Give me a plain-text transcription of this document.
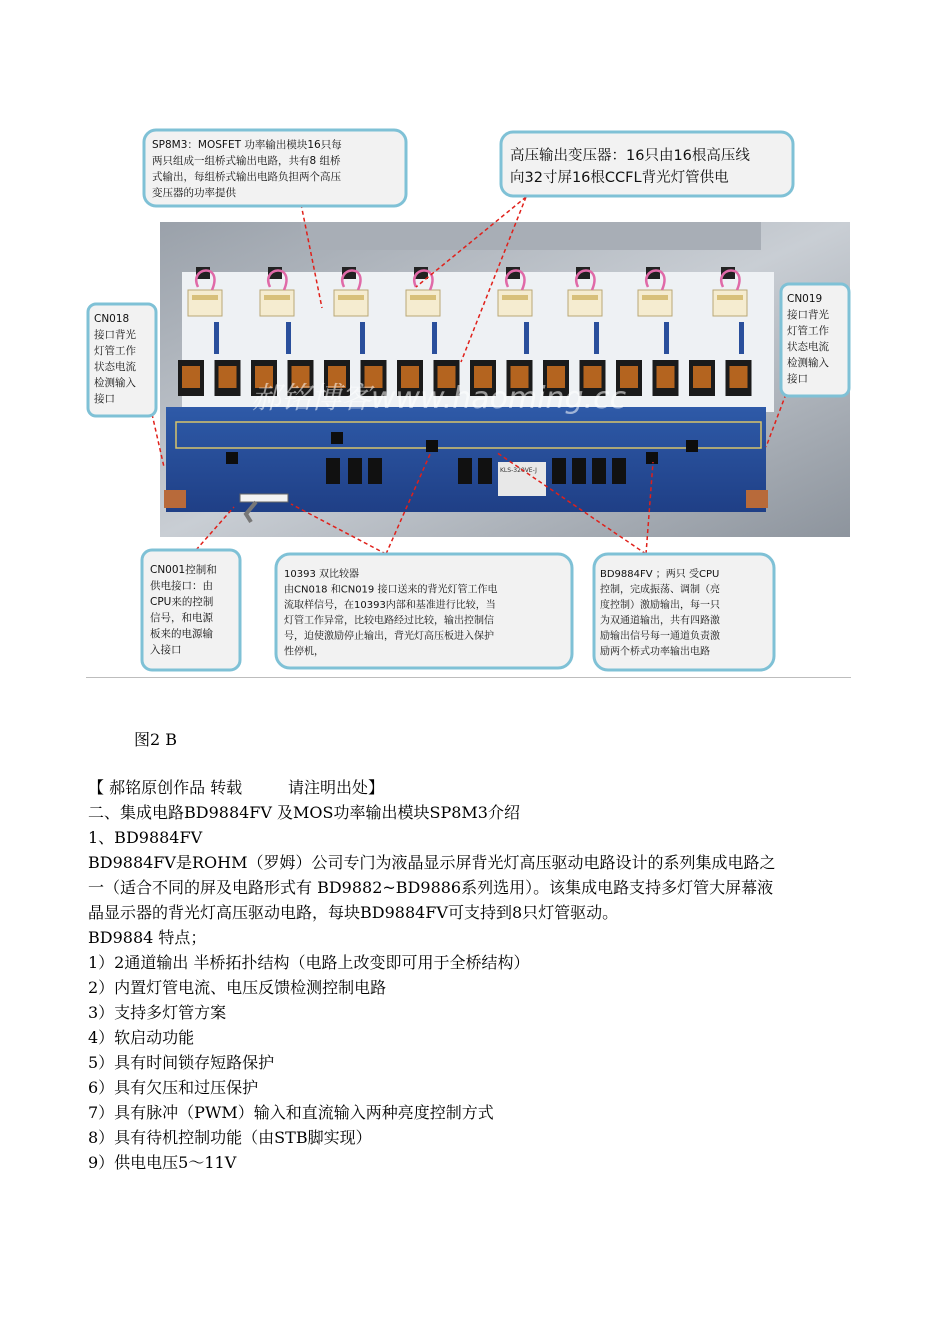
KLS-320VE-J
郝铭博客www.haoming.cc
SP8M3：MOSFET 功率输出模块16只每
两只组成一组桥式输出电路，共有8 组桥
式输出，每组桥式输出电路负担两个高压
变压器的功率提供
高压输出变压器：16只由16根高压线
向32寸屏16根CCFL背光灯管供电
CN018
接口背光
灯管工作
状态电流
检测输入
接口
CN019
接口背光
灯管工作
状态电流
检测输入
接口
CN001控制和
供电接口：由
CPU来的控制
信号，和电源
板来的电源输
入接口
10393 双比较器
由CN018 和CN019 接口送来的背光灯管工作电
流取样信号，在10393内部和基准进行比较，当
灯管工作异常，比较电路经过比较，输出控制信
号，迫使激励停止输出，背光灯高压板进入保护
性停机，
BD9884FV ；两只 受CPU
控制，完成振荡、调制（亮
度控制）激励输出，每一只
为双通道输出，共有四路激
励输出信号每一通道负责激
励两个桥式功率输出电路
图2 B
【 郝铭原创作品 转载         请注明出处】
二、集成电路BD9884FV 及MOS功率输出模块SP8M3介绍
1、BD9884FV
BD9884FV是ROHM（罗姆）公司专门为液晶显示屏背光灯高压驱动电路设计的系列集成电路之一（适合不同的屏及电路形式有 BD9882~BD9886系列选用）。该集成电路支持多灯管大屏幕液晶显示器的背光灯高压驱动电路，每块BD9884FV可支持到8只灯管驱动。
BD9884 特点；
1）2通道输出 半桥拓扑结构（电路上改变即可用于全桥结构）
2）内置灯管电流、电压反馈检测控制电路
3）支持多灯管方案
4）软启动功能
5）具有时间锁存短路保护
6）具有欠压和过压保护
7）具有脉冲（PWM）输入和直流输入两种亮度控制方式
8）具有待机控制功能（由STB脚实现）
9）供电电压5～11V
